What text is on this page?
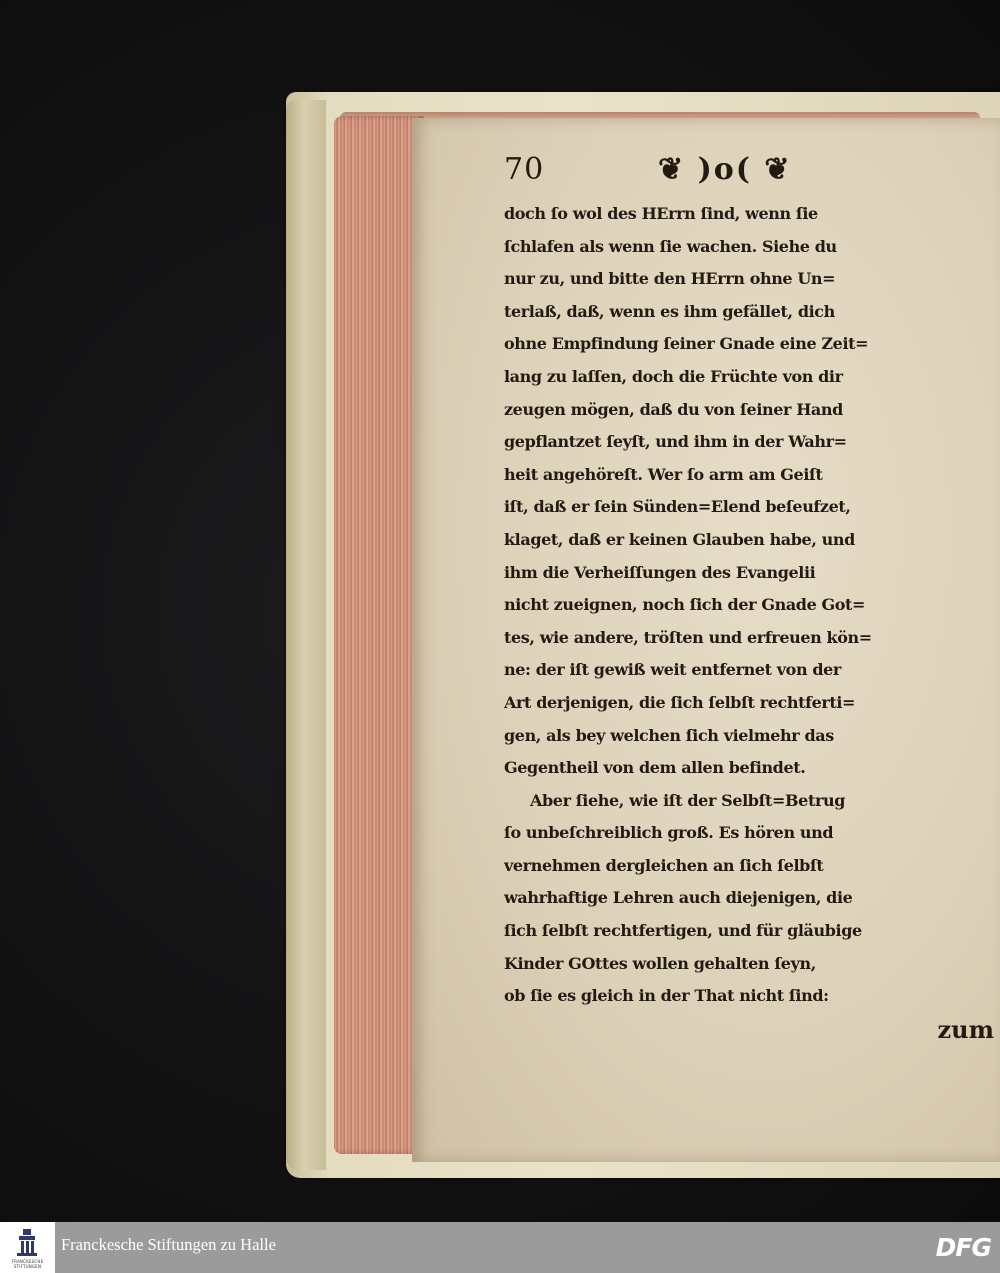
70	❦ )o( ❦
doch ſo wol des HErrn ſind, wenn ſie
ſchlafen als wenn ſie wachen. Siehe du
nur zu, und bitte den HErrn ohne Un=
terlaß, daß, wenn es ihm gefället, dich
ohne Empfindung ſeiner Gnade eine Zeit=
lang zu laſſen, doch die Früchte von dir
zeugen mögen, daß du von ſeiner Hand
gepflantzet ſeyſt, und ihm in der Wahr=
heit angehöreſt. Wer ſo arm am Geiſt
iſt, daß er ſein Sünden=Elend beſeufzet,
klaget, daß er keinen Glauben habe, und
ihm die Verheiſſungen des Evangelii
nicht zueignen, noch ſich der Gnade Got=
tes, wie andere, tröſten und erfreuen kön=
ne: der iſt gewiß weit entfernet von der
Art derjenigen, die ſich ſelbſt rechtferti=
gen, als bey welchen ſich vielmehr das
Gegentheil von dem allen befindet.
Aber ſiehe, wie iſt der Selbſt=Betrug
ſo unbeſchreiblich groß. Es hören und
vernehmen dergleichen an ſich ſelbſt
wahrhaftige Lehren auch diejenigen, die
ſich ſelbſt rechtfertigen, und für gläubige
Kinder GOttes wollen gehalten ſeyn,
ob ſie es gleich in der That nicht ſind:
zum
FRANCKESCHE STIFTUNGEN
Franckesche Stiftungen zu Halle	DFG
